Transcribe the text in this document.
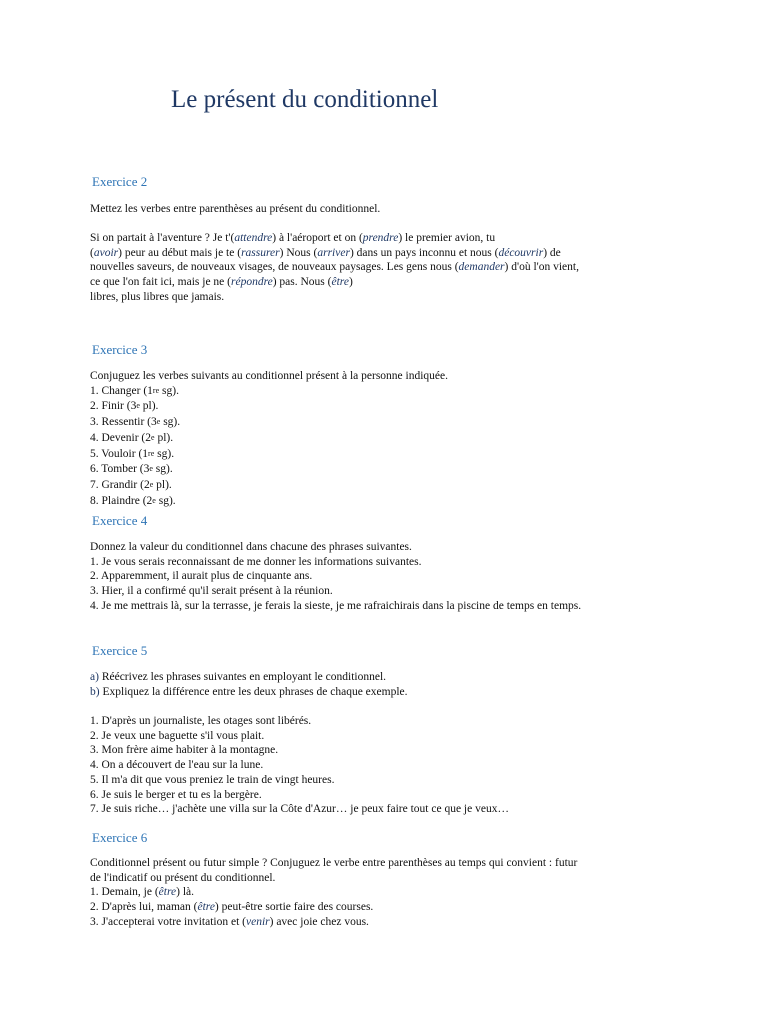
Le présent du conditionnel
Exercice 2

Mettez les verbes entre parenthèses au présent du conditionnel.

Si on partait à l'aventure ? Je t'(attendre) à l'aéroport et on (prendre) le premier avion, tu

(avoir) peur au début mais je te (rassurer) Nous (arriver) dans un pays inconnu et nous (découvrir) de

nouvelles saveurs, de nouveaux visages, de nouveaux paysages. Les gens nous (demander) d'où l'on vient,

ce que l'on fait ici, mais je ne (répondre) pas. Nous (être)

libres, plus libres que jamais.

Exercice 3

Conjuguez les verbes suivants au conditionnel présent à la personne indiquée.

1. Changer ($1_{re}$ sg).
2. Finir ($3_e$ pl).
3. Ressentir ($3_e$ sg).
4. Devenir ($2_e$ pl).
5. Vouloir ($1_{re}$ sg).
6. Tomber ($3_e$ sg).
7. Grandir ($2_e$ pl).
8. Plaindre ($2_e$ sg).
Exercice 4

Donnez la valeur du conditionnel dans chacune des phrases suivantes.

1. Je vous serais reconnaissant de me donner les informations suivantes.
2. Apparemment, il aurait plus de cinquante ans.
3. Hier, il a confirmé qu'il serait présent à la réunion.
4. Je me mettrais là, sur la terrasse, je ferais la sieste, je me rafraichirais dans la piscine de temps en temps.
Exercice 5

a) Réécrivez les phrases suivantes en employant le conditionnel.

b) Expliquez la différence entre les deux phrases de chaque exemple.

1. D'après un journaliste, les otages sont libérés.
2. Je veux une baguette s'il vous plait.
3. Mon frère aime habiter à la montagne.
4. On a découvert de l'eau sur la lune.
5. Il m'a dit que vous preniez le train de vingt heures.
6. Je suis le berger et tu es la bergère.
7. Je suis riche… j'achète une villa sur la Côte d'Azur… je peux faire tout ce que je veux…
Exercice 6

Conditionnel présent ou futur simple ? Conjuguez le verbe entre parenthèses au temps qui convient : futur

de l'indicatif ou présent du conditionnel.

1. Demain, je (être) là.

2. D'après lui, maman (être) peut-être sortie faire des courses.

3. J'accepterai votre invitation et (venir) avec joie chez vous.
